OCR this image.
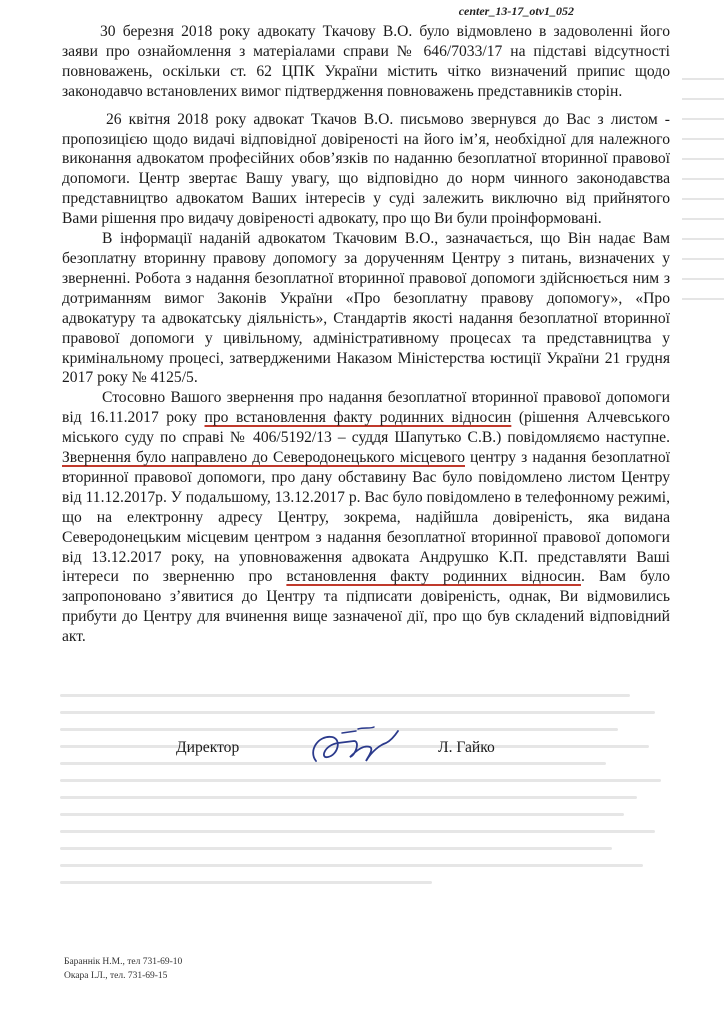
center_13-17_otv1_052

30 березня 2018 року адвокату Ткачову В.О. було відмовлено в задоволенні його заяви про ознайомлення з матеріалами справи № 646/7033/17 на підставі відсутності повноважень, оскільки ст. 62 ЦПК України містить чітко визначений припис щодо законодавчо встановлених вимог підтвердження повноважень представників сторін.

26 квітня 2018 року адвокат Ткачов В.О. письмово звернувся до Вас з листом - пропозицією щодо видачі відповідної довіреності на його ім’я, необхідної для належного виконання адвокатом професійних обов’язків по наданню безоплатної вторинної правової допомоги. Центр звертає Вашу увагу, що відповідно до норм чинного законодавства представництво адвокатом Ваших інтересів у суді залежить виключно від прийнятого Вами рішення про видачу довіреності адвокату, про що Ви були проінформовані.

В інформації наданій адвокатом Ткачовим В.О., зазначається, що Він надає Вам безоплатну вторинну правову допомогу за дорученням Центру з питань, визначених у зверненні. Робота з надання безоплатної вторинної правової допомоги здійснюється ним з дотриманням вимог Законів України «Про безоплатну правову допомогу», «Про адвокатуру та адвокатську діяльність», Стандартів якості надання безоплатної вторинної правової допомоги у цивільному, адміністративному процесах та представництва у кримінальному процесі, затвердженими Наказом Міністерства юстиції України 21 грудня 2017 року № 4125/5.

Стосовно Вашого звернення про надання безоплатної вторинної правової допомоги від 16.11.2017 року про встановлення факту родинних відносин (рішення Алчевського міського суду по справі № 406/5192/13 – суддя Шапутько С.В.) повідомляємо наступне. Звернення було направлено до Северодонецького місцевого центру з надання безоплатної вторинної правової допомоги, про дану обставину Вас було повідомлено листом Центру від 11.12.2017р. У подальшому, 13.12.2017 р. Вас було повідомлено в телефонному режимі, що на електронну адресу Центру, зокрема, надійшла довіреність, яка видана Северодонецьким місцевим центром з надання безоплатної вторинної правової допомоги від 13.12.2017 року, на уповноваження адвоката Андрушко К.П. представляти Ваші інтереси по зверненню про встановлення факту родинних відносин. Вам було запропоновано з’явитися до Центру та підписати довіреність, однак, Ви відмовились прибути до Центру для вчинення вище зазначеної дії, про що був складений відповідний акт.

Директор	Л. Гайко
Бараннік Н.М., тел 731-69-10
Окара I.Л., тел. 731-69-15
